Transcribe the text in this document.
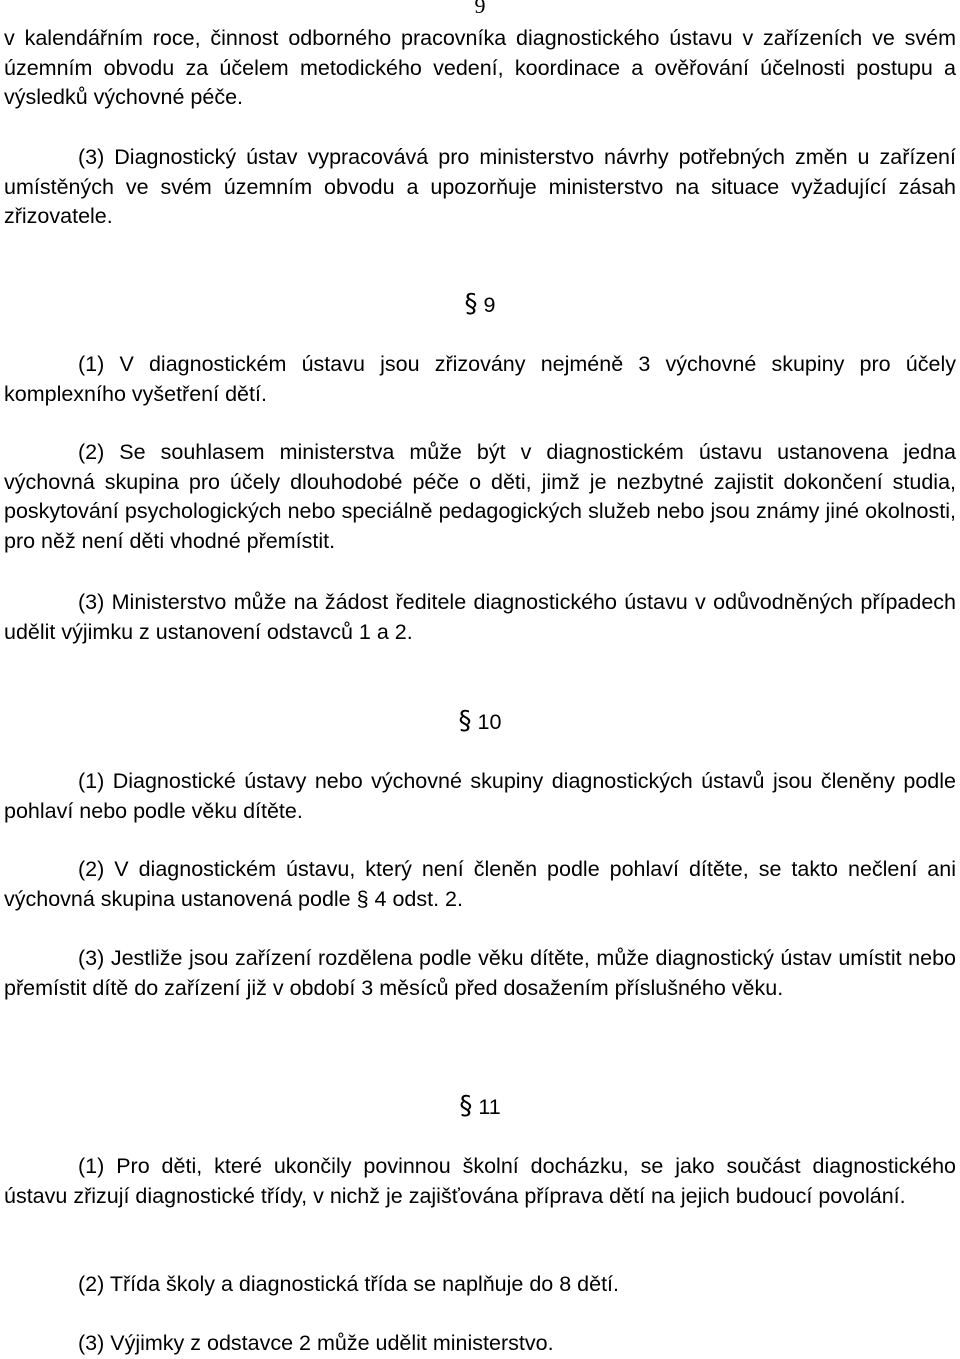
9

v kalendářním roce, činnost odborného pracovníka diagnostického ústavu v zařízeních ve svém územním obvodu za účelem metodického vedení, koordinace a ověřování účelnosti postupu a výsledků výchovné péče.

(3) Diagnostický ústav vypracovává pro ministerstvo návrhy potřebných změn u zařízení umístěných ve svém územním obvodu a upozorňuje ministerstvo na situace vyžadující zásah zřizovatele.

§ 9

(1) V diagnostickém ústavu jsou zřizovány nejméně 3 výchovné skupiny pro účely komplexního vyšetření dětí.

(2) Se souhlasem ministerstva může být v diagnostickém ústavu ustanovena jedna výchovná skupina pro účely dlouhodobé péče o děti, jimž je nezbytné zajistit dokončení studia, poskytování psychologických nebo speciálně pedagogických služeb nebo jsou známy jiné okolnosti, pro něž není děti vhodné přemístit.

(3) Ministerstvo může na žádost ředitele diagnostického ústavu v odůvodněných případech udělit výjimku z ustanovení odstavců 1 a 2.

§ 10

(1) Diagnostické ústavy nebo výchovné skupiny diagnostických ústavů jsou členěny podle pohlaví nebo podle věku dítěte.

(2) V diagnostickém ústavu, který není členěn podle pohlaví dítěte, se takto nečlení ani výchovná skupina ustanovená podle § 4 odst. 2.

(3) Jestliže jsou zařízení rozdělena podle věku dítěte, může diagnostický ústav umístit nebo přemístit dítě do zařízení již v období 3 měsíců před dosažením příslušného věku.

§ 11

(1) Pro děti, které ukončily povinnou školní docházku, se jako součást diagnostického ústavu zřizují diagnostické třídy, v nichž je zajišťována příprava dětí na jejich budoucí povolání.

(2) Třída školy a diagnostická třída se naplňuje do 8 dětí.

(3) Výjimky z odstavce 2 může udělit ministerstvo.
